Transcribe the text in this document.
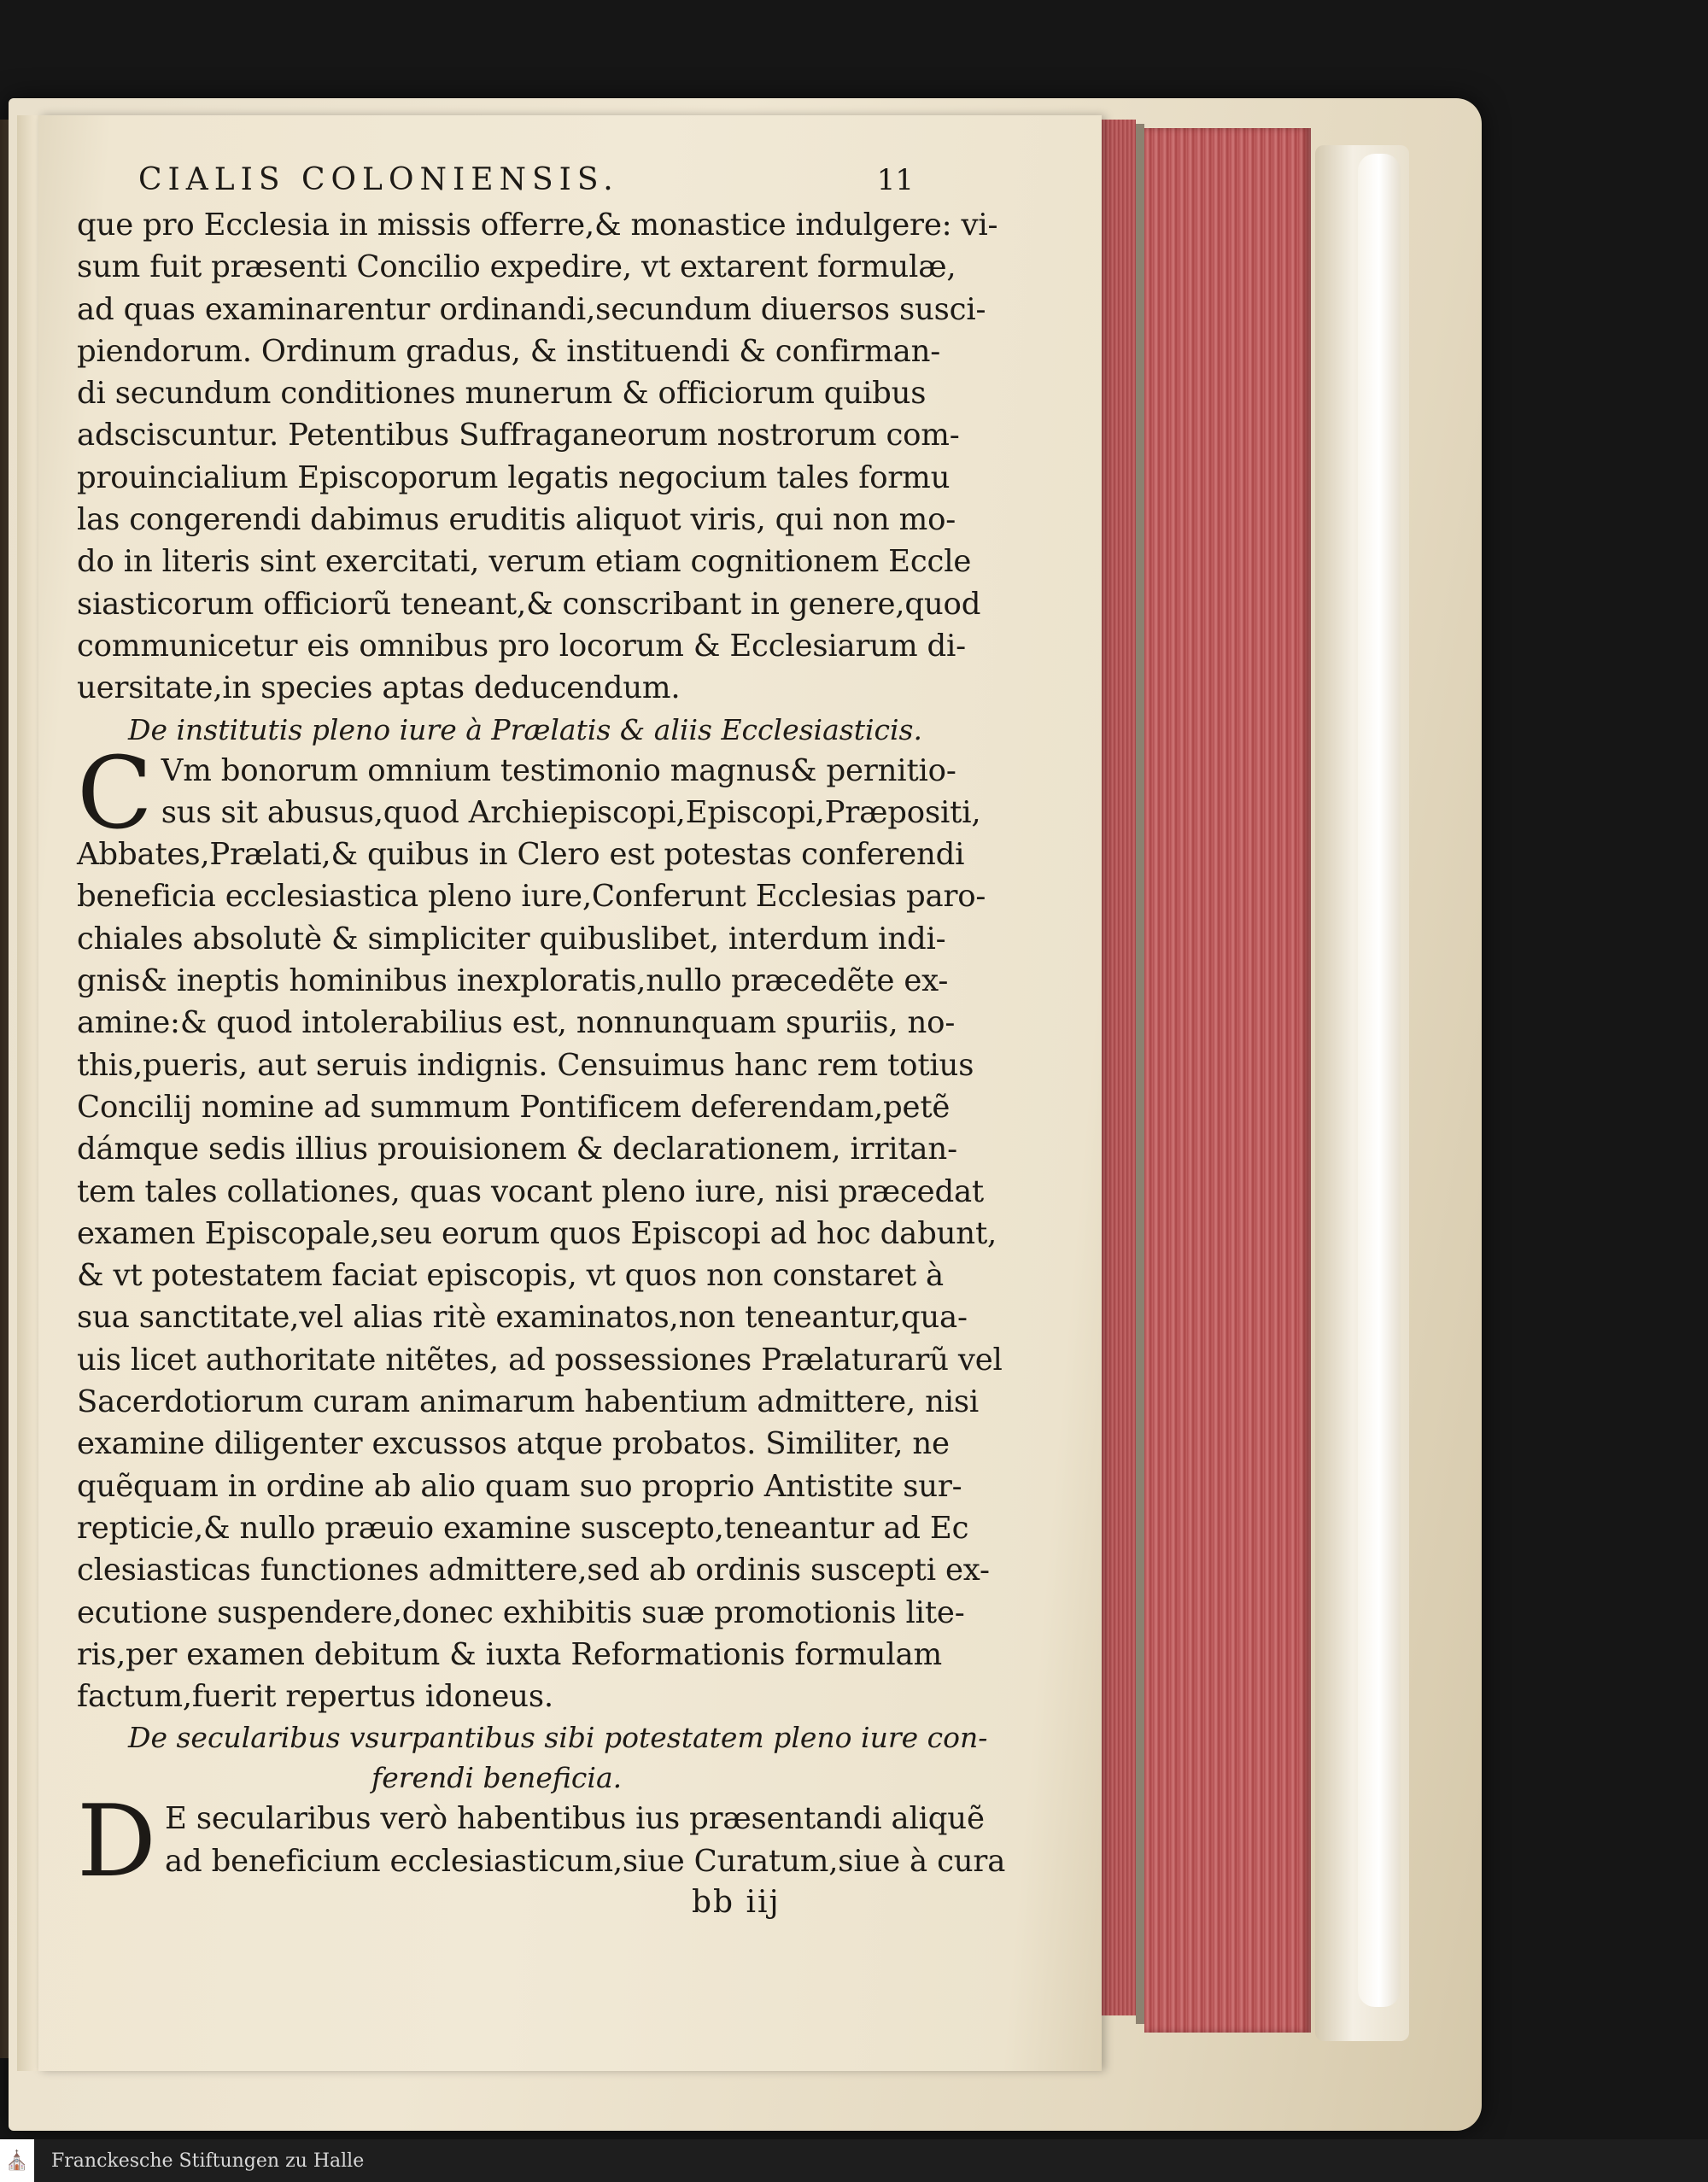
CIALIS COLONIENSIS.	11
que pro Ecclesia in missis offerre,& monastice indulgere: vi-
sum fuit præsenti Concilio expedire, vt extarent formulæ,
ad quas examinarentur ordinandi,secundum diuersos susci-
piendorum. Ordinum gradus, & instituendi & confirman-
di secundum conditiones munerum & officiorum quibus
adsciscuntur. Petentibus Suffraganeorum nostrorum com-
prouincialium Episcoporum legatis negocium tales formu
las congerendi dabimus eruditis aliquot viris, qui non mo-
do in literis sint exercitati, verum etiam cognitionem Eccle
siasticorum officiorũ teneant,& conscribant in genere,quod
communicetur eis omnibus pro locorum & Ecclesiarum di-
uersitate,in species aptas deducendum.
De institutis pleno iure à Prælatis & aliis Ecclesiasticis.
C Vm bonorum omnium testimonio magnus& pernitio-
sus sit abusus,quod Archiepiscopi,Episcopi,Præpositi,
Abbates,Prælati,& quibus in Clero est potestas conferendi
beneficia ecclesiastica pleno iure,Conferunt Ecclesias paro-
chiales absolutè & simpliciter quibuslibet, interdum indi-
gnis& ineptis hominibus inexploratis,nullo præcedẽte ex-
amine:& quod intolerabilius est, nonnunquam spuriis, no-
this,pueris, aut seruis indignis. Censuimus hanc rem totius
Concilij nomine ad summum Pontificem deferendam,petẽ
dámque sedis illius prouisionem & declarationem, irritan-
tem tales collationes, quas vocant pleno iure, nisi præcedat
examen Episcopale,seu eorum quos Episcopi ad hoc dabunt,
& vt potestatem faciat episcopis, vt quos non constaret à
sua sanctitate,vel alias ritè examinatos,non teneantur,qua-
uis licet authoritate nitẽtes, ad possessiones Prælaturarũ vel
Sacerdotiorum curam animarum habentium admittere, nisi
examine diligenter excussos atque probatos. Similiter, ne
quẽquam in ordine ab alio quam suo proprio Antistite sur-
repticie,& nullo præuio examine suscepto,teneantur ad Ec
clesiasticas functiones admittere,sed ab ordinis suscepti ex-
ecutione suspendere,donec exhibitis suæ promotionis lite-
ris,per examen debitum & iuxta Reformationis formulam
factum,fuerit repertus idoneus.
De secularibus vsurpantibus sibi potestatem pleno iure con-
ferendi beneficia.
D E secularibus verò habentibus ius præsentandi aliquẽ
ad beneficium ecclesiasticum,siue Curatum,siue à cura
bb iij
⛪ Franckesche Stiftungen zu Halle
